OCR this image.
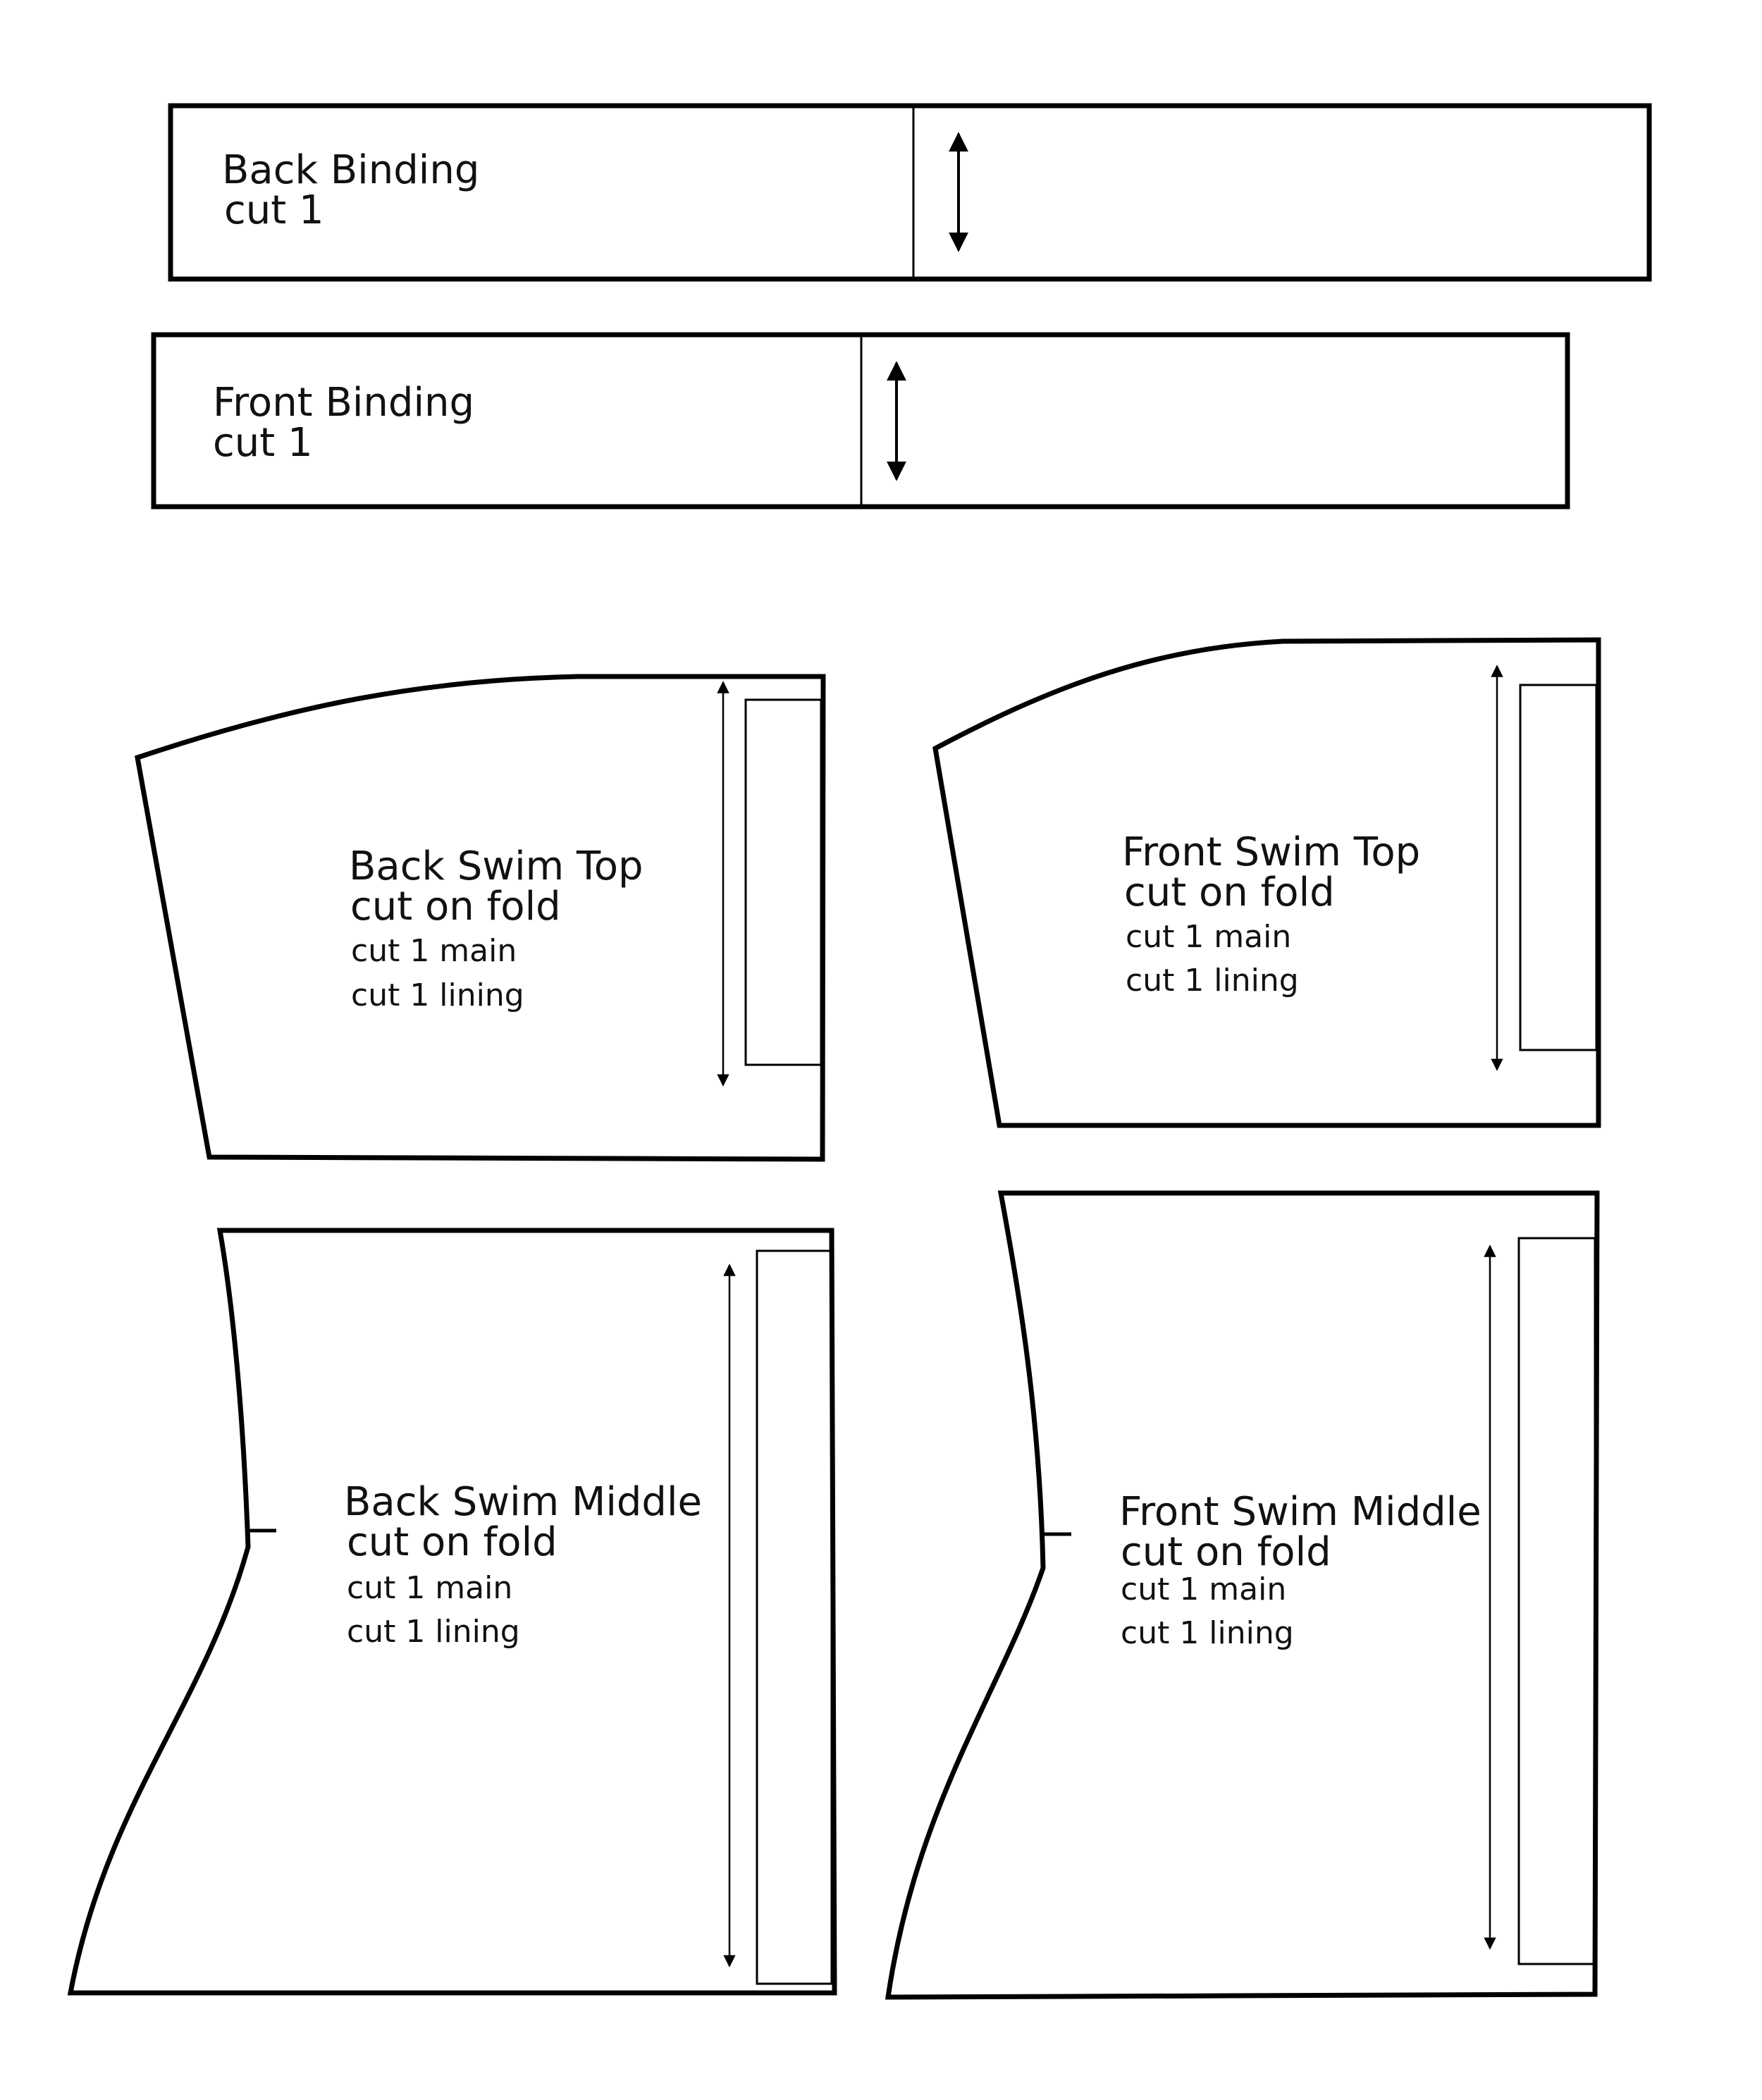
Back Binding
cut 1
Front Binding
cut 1
Back Swim Top
cut on fold
cut 1 main
cut 1 lining
Front Swim Top
cut on fold
cut 1 main
cut 1 lining
Back Swim Middle
cut on fold
cut 1 main
cut 1 lining
Front Swim Middle
cut on fold
cut 1 main
cut 1 lining
